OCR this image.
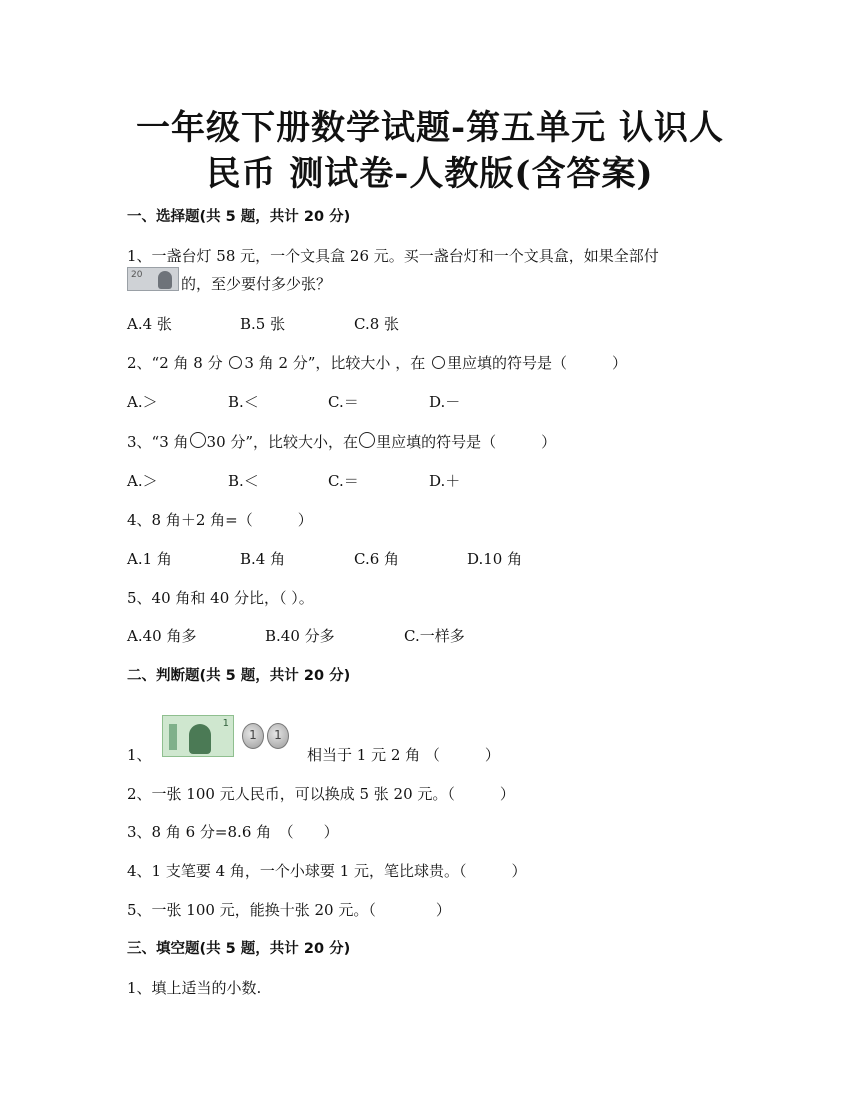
一年级下册数学试题-第五单元 认识人
民币 测试卷-人教版(含答案)
一、选择题(共 5 题，共计 20 分)
1、一盏台灯 58 元，一个文具盒 26 元。买一盏台灯和一个文具盒，如果全部付
20	的，至少要付多少张？
A.4 张	B.5 张	C.8 张
2、“2 角 8 分 3 角 2 分”，比较大小 ，在 里应填的符号是（　　　）
A.＞	B.＜	C.＝	D.－
3、“3 角 30 分”，比较大小，在 里应填的符号是（　　　）
A.＞	B.＜	C.＝	D.＋
4、8 角＋2 角=（　　　）
A.1 角	B.4 角	C.6 角	D.10 角
5、40 角和 40 分比，（ ）。
A.40 角多	B.40 分多	C.一样多
二、判断题(共 5 题，共计 20 分)
1、
1
1	1
相当于 1 元 2 角 （　　　）
2、一张 100 元人民币，可以换成 5 张 20 元。（　　　）
3、8 角 6 分=8.6 角　（　　）
4、1 支笔要 4 角，一个小球要 1 元，笔比球贵。（　　　）
5、一张 100 元，能换十张 20 元。（　　　　）
三、填空题(共 5 题，共计 20 分)
1、填上适当的小数.
